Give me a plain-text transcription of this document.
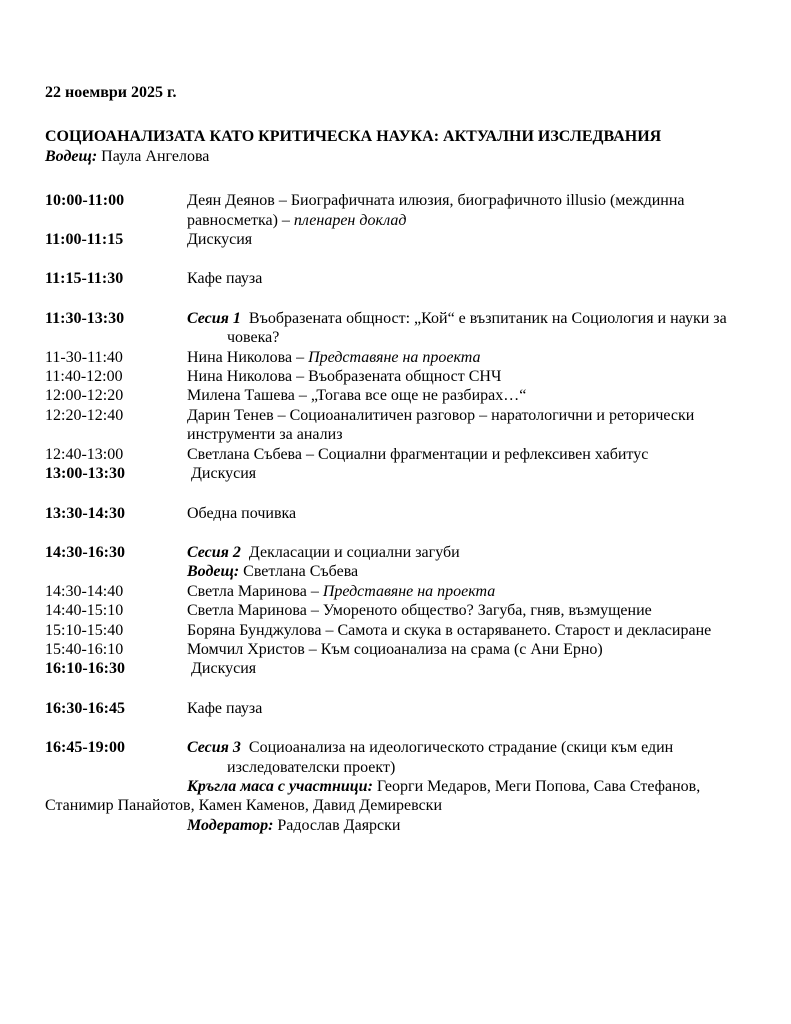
22 ноември 2025 г.

СОЦИОАНАЛИЗАТА КАТО КРИТИЧЕСКА НАУКА: АКТУАЛНИ ИЗСЛЕДВАНИЯ

Водещ: Паула Ангелова

10:00-11:00	Деян Деянов – Биографичната илюзия, биографичното illusio (междинна
равносметка) – пленарен доклад
11:00-11:15	Дискусия
11:15-11:30	Кафе пауза
11:30-13:30	Сесия 1  Въобразената общност: „Кой“ е възпитаник на Социология и науки за
човека?
11-30-11:40	Нина Николова – Представяне на проекта
11:40-12:00	Нина Николова – Въобразената общност СНЧ
12:00-12:20	Милена Ташева – „Тогава все още не разбирах…“
12:20-12:40	Дарин Тенев – Социоаналитичен разговор – наратологични и реторически
инструменти за анализ
12:40-13:00	Светлана Събева – Социални фрагментации и рефлексивен хабитус
13:00-13:30	Дискусия
13:30-14:30	Обедна почивка
14:30-16:30	Сесия 2  Декласации и социални загуби
Водещ: Светлана Събева
14:30-14:40	Светла Маринова – Представяне на проекта
14:40-15:10	Светла Маринова – Умореното общество? Загуба, гняв, възмущение
15:10-15:40	Боряна Бунджулова – Самота и скука в остаряването. Старост и декласиране
15:40-16:10	Момчил Христов – Към социоанализа на срама (с Ани Ерно)
16:10-16:30	Дискусия
16:30-16:45	Кафе пауза
16:45-19:00	Сесия 3  Социоанализа на идеологическото страдание (скици към един
изследователски проект)
Кръгла маса с участници: Георги Медаров, Меги Попова, Сава Стефанов,
Станимир Панайотов, Камен Каменов, Давид Демиревски
Модератор: Радослав Даярски
